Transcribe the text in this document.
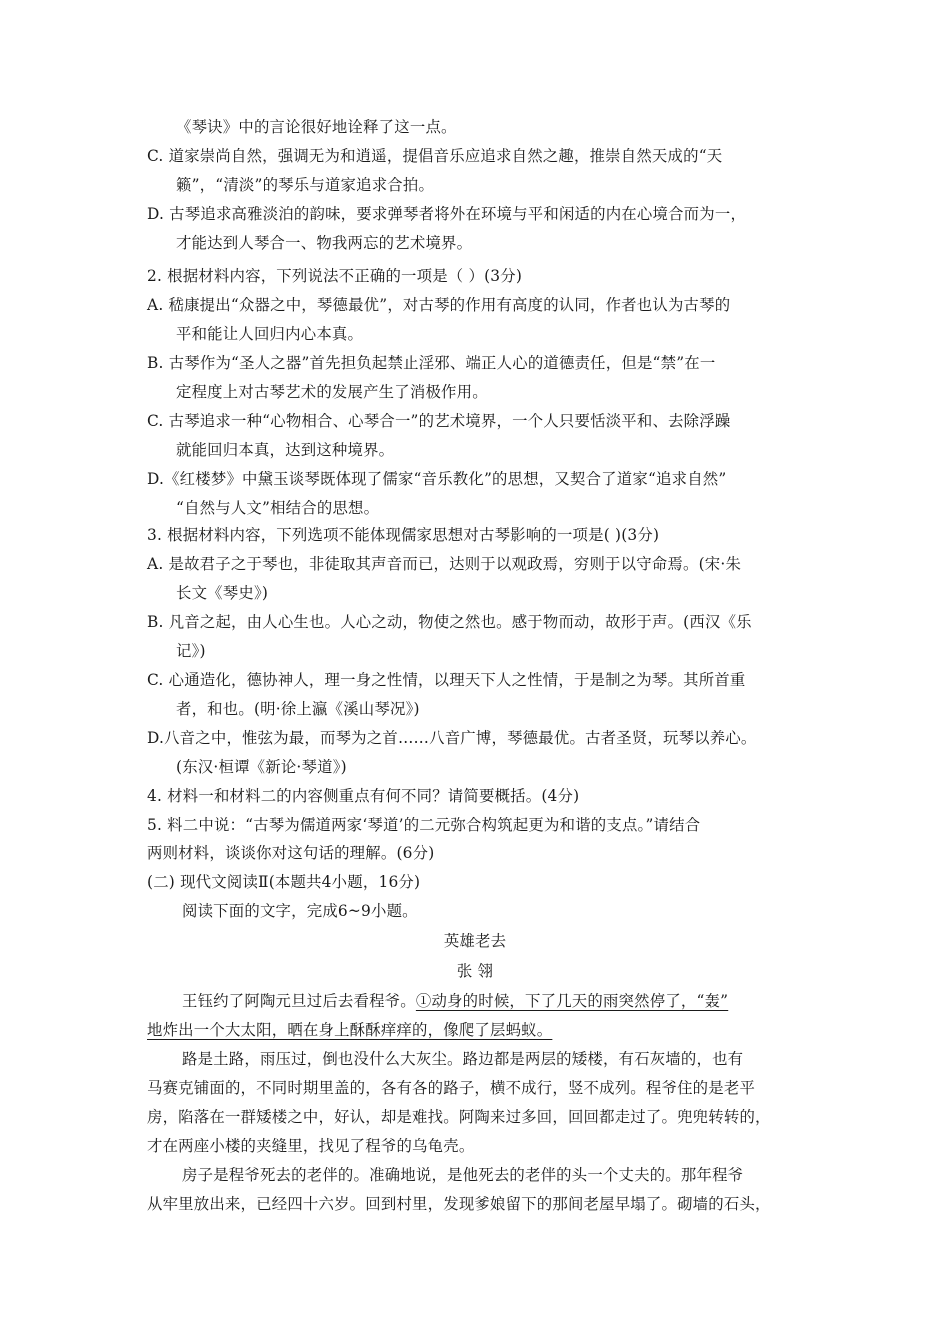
《琴诀》中的言论很好地诠释了这一点。
C. 道家崇尚自然，强调无为和逍遥，提倡音乐应追求自然之趣，推崇自然天成的“天
籁”，“清淡”的琴乐与道家追求合拍。
D. 古琴追求高雅淡泊的韵味，要求弹琴者将外在环境与平和闲适的内在心境合而为一，
才能达到人琴合一、物我两忘的艺术境界。
2. 根据材料内容，下列说法不正确的一项是（ ）(3分)
A. 嵇康提出“众器之中，琴德最优”，对古琴的作用有高度的认同，作者也认为古琴的
平和能让人回归内心本真。
B. 古琴作为“圣人之器”首先担负起禁止淫邪、端正人心的道德责任，但是“禁”在一
定程度上对古琴艺术的发展产生了消极作用。
C. 古琴追求一种“心物相合、心琴合一”的艺术境界，一个人只要恬淡平和、去除浮躁
就能回归本真，达到这种境界。
D.《红楼梦》中黛玉谈琴既体现了儒家“音乐教化”的思想，又契合了道家“追求自然”
“自然与人文”相结合的思想。
3. 根据材料内容，下列选项不能体现儒家思想对古琴影响的一项是( )(3分)
A. 是故君子之于琴也，非徒取其声音而已，达则于以观政焉，穷则于以守命焉。(宋·朱
长文《琴史》)
B. 凡音之起，由人心生也。人心之动，物使之然也。感于物而动，故形于声。(西汉《乐
记》)
C. 心通造化，德协神人，理一身之性情，以理天下人之性情，于是制之为琴。其所首重
者，和也。(明·徐上瀛《溪山琴况》)
D.八音之中，惟弦为最，而琴为之首……八音广博，琴德最优。古者圣贤，玩琴以养心。
(东汉·桓谭《新论·琴道》)
4. 材料一和材料二的内容侧重点有何不同？请简要概括。(4分)
5. 料二中说：“古琴为儒道两家‘琴道’的二元弥合构筑起更为和谐的支点。”请结合
两则材料，谈谈你对这句话的理解。(6分)
(二) 现代文阅读Ⅱ(本题共4小题，16分)
阅读下面的文字，完成6~9小题。
英雄老去
张 翎
王钰约了阿陶元旦过后去看程爷。①动身的时候，下了几天的雨突然停了，“轰”
地炸出一个大太阳，晒在身上酥酥痒痒的，像爬了层蚂蚁。
路是土路，雨压过，倒也没什么大灰尘。路边都是两层的矮楼，有石灰墙的，也有
马赛克铺面的，不同时期里盖的，各有各的路子，横不成行，竖不成列。程爷住的是老平
房，陷落在一群矮楼之中，好认，却是难找。阿陶来过多回，回回都走过了。兜兜转转的，
才在两座小楼的夹缝里，找见了程爷的乌龟壳。
房子是程爷死去的老伴的。准确地说，是他死去的老伴的头一个丈夫的。那年程爷
从牢里放出来，已经四十六岁。回到村里，发现爹娘留下的那间老屋早塌了。砌墙的石头，
